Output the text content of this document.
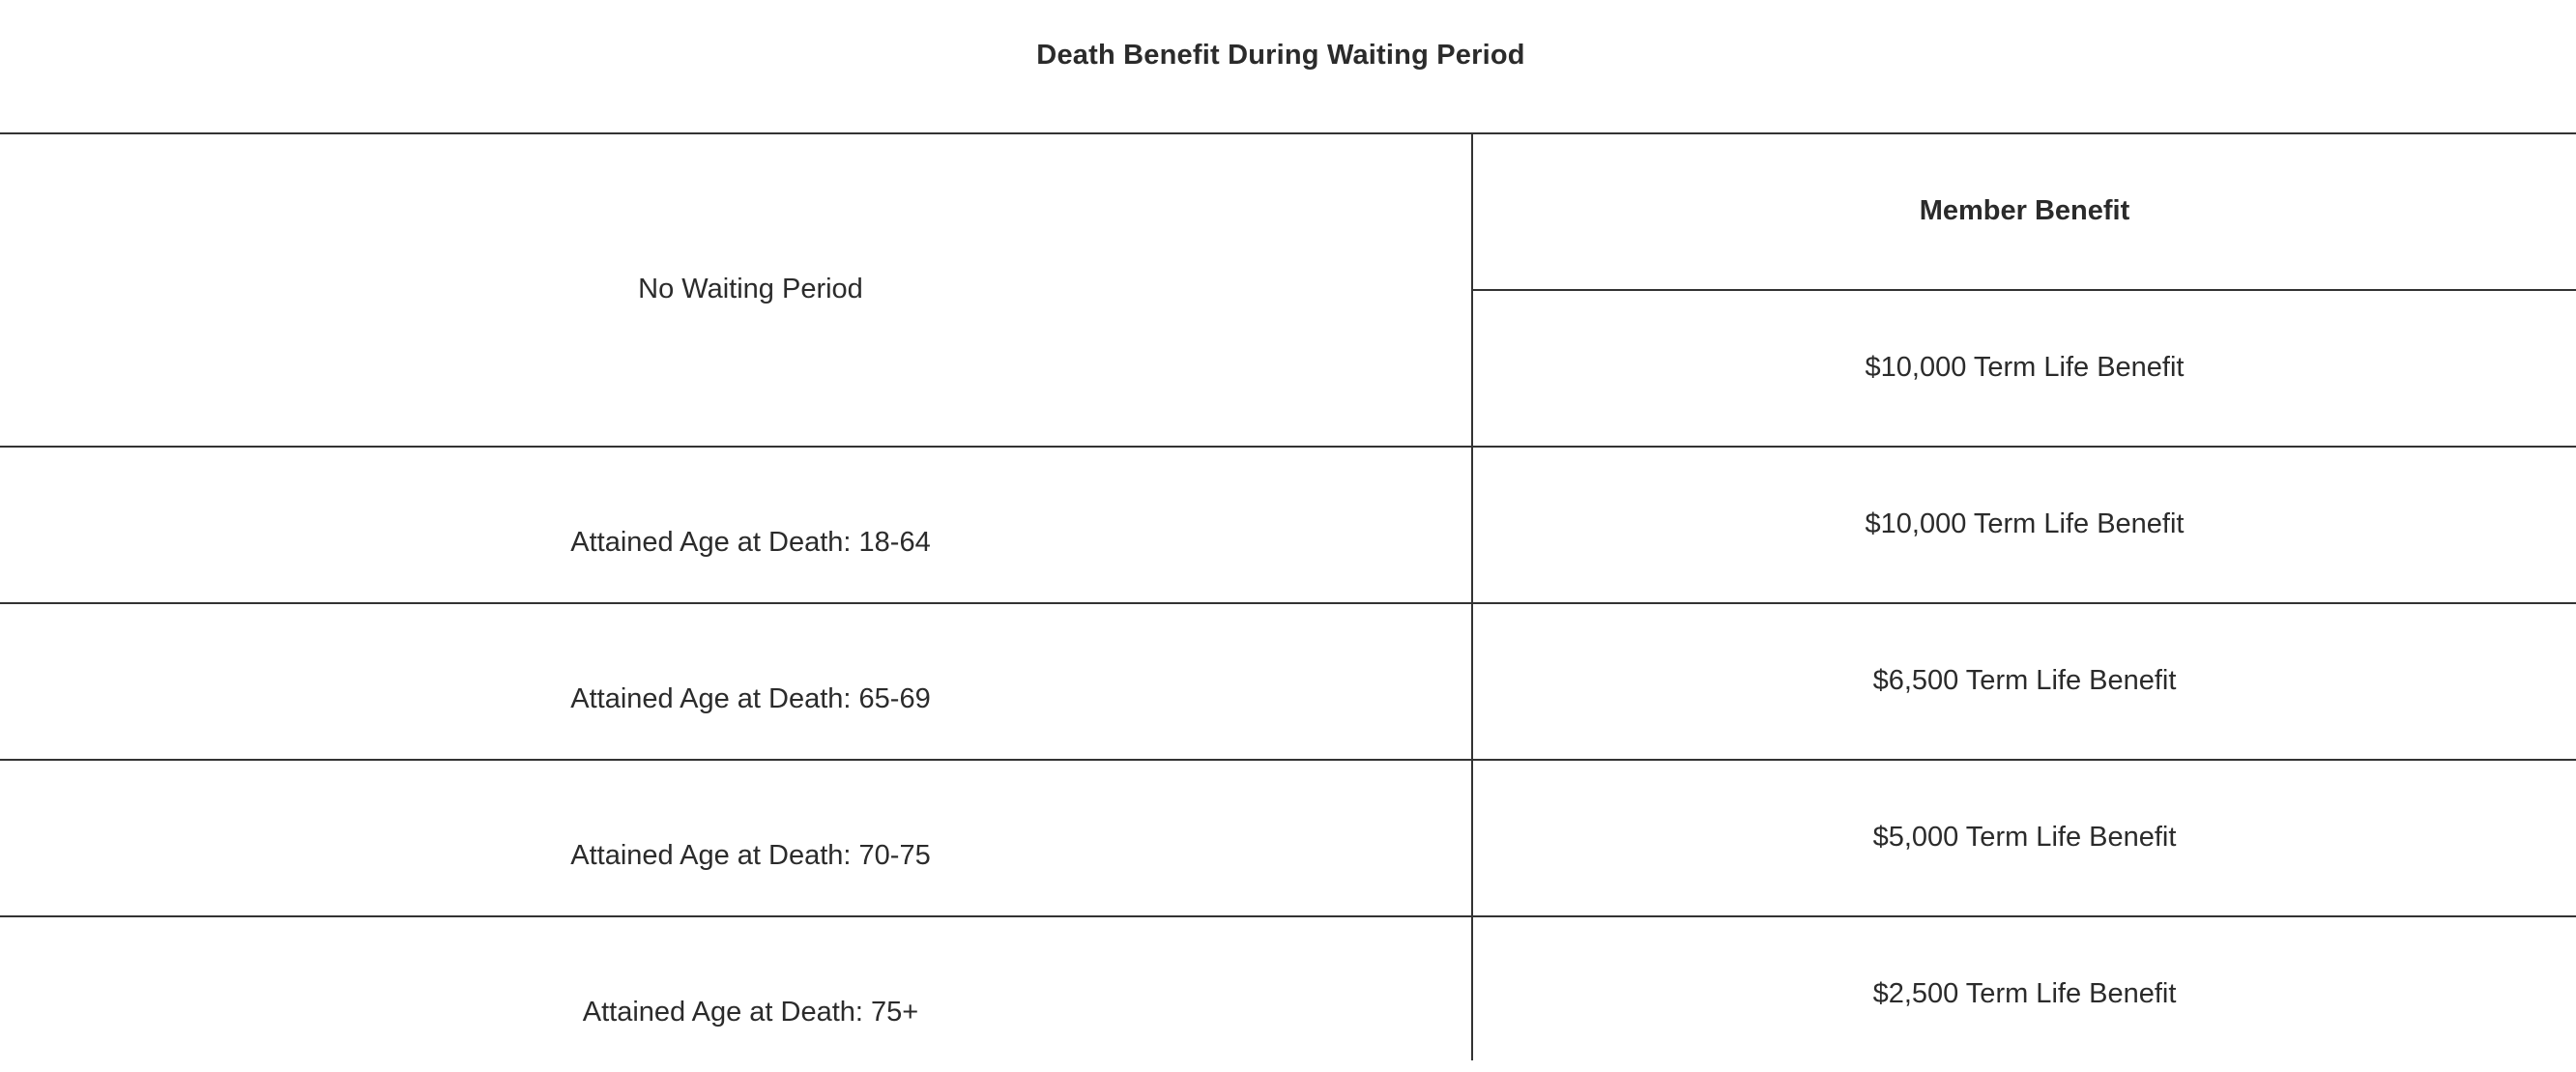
Death Benefit During Waiting Period
No Waiting Period
Member Benefit
$10,000 Term Life Benefit
Attained Age at Death: 18-64
$10,000 Term Life Benefit
Attained Age at Death: 65-69
$6,500 Term Life Benefit
Attained Age at Death: 70-75
$5,000 Term Life Benefit
Attained Age at Death: 75+
$2,500 Term Life Benefit
